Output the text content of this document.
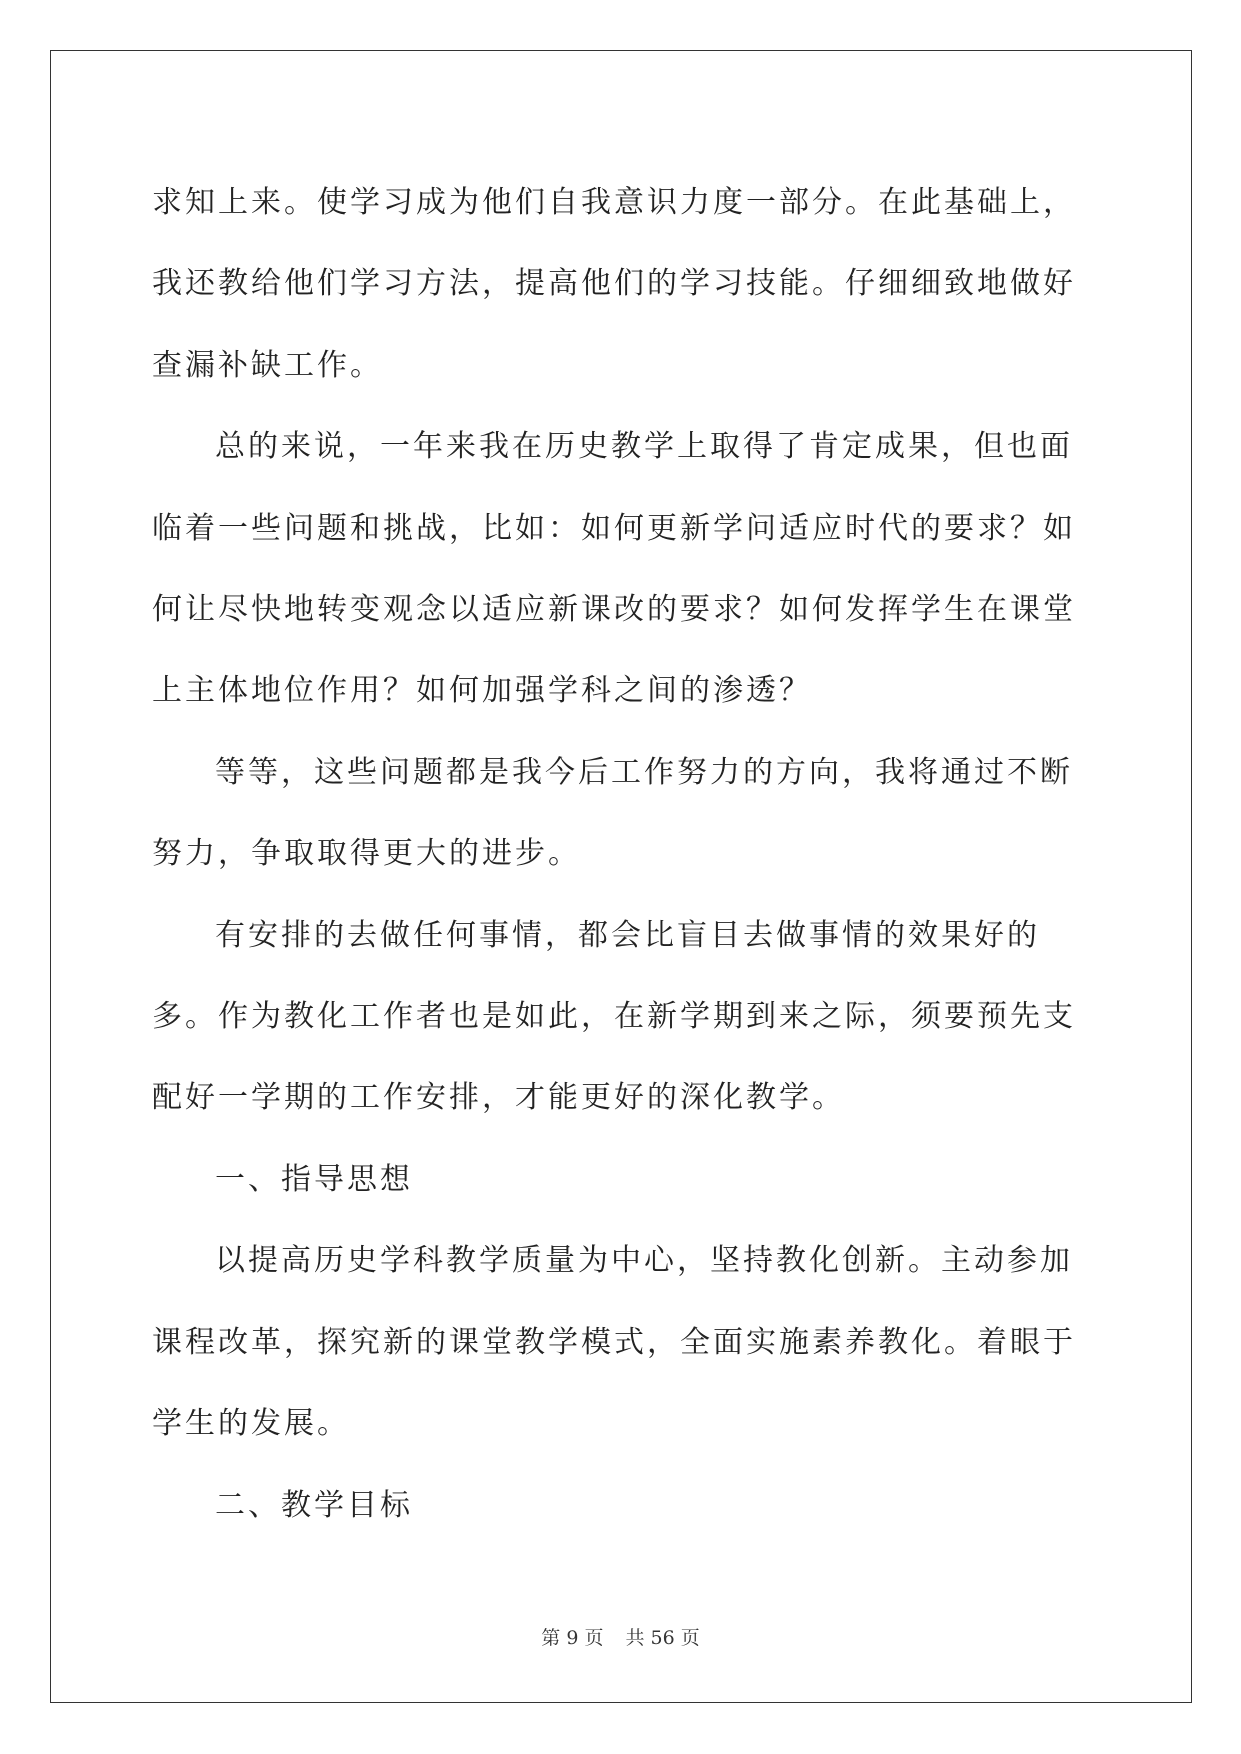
求知上来。使学习成为他们自我意识力度一部分。在此基础上，我还教给他们学习方法，提高他们的学习技能。仔细细致地做好查漏补缺工作。

总的来说，一年来我在历史教学上取得了肯定成果，但也面临着一些问题和挑战，比如：如何更新学问适应时代的要求？如何让尽快地转变观念以适应新课改的要求？如何发挥学生在课堂上主体地位作用？如何加强学科之间的渗透？

等等，这些问题都是我今后工作努力的方向，我将通过不断努力，争取取得更大的进步。

有安排的去做任何事情，都会比盲目去做事情的效果好的多。作为教化工作者也是如此，在新学期到来之际，须要预先支配好一学期的工作安排，才能更好的深化教学。

一、指导思想

以提高历史学科教学质量为中心，坚持教化创新。主动参加课程改革，探究新的课堂教学模式，全面实施素养教化。着眼于学生的发展。

二、教学目标

第 9 页 共 56 页
